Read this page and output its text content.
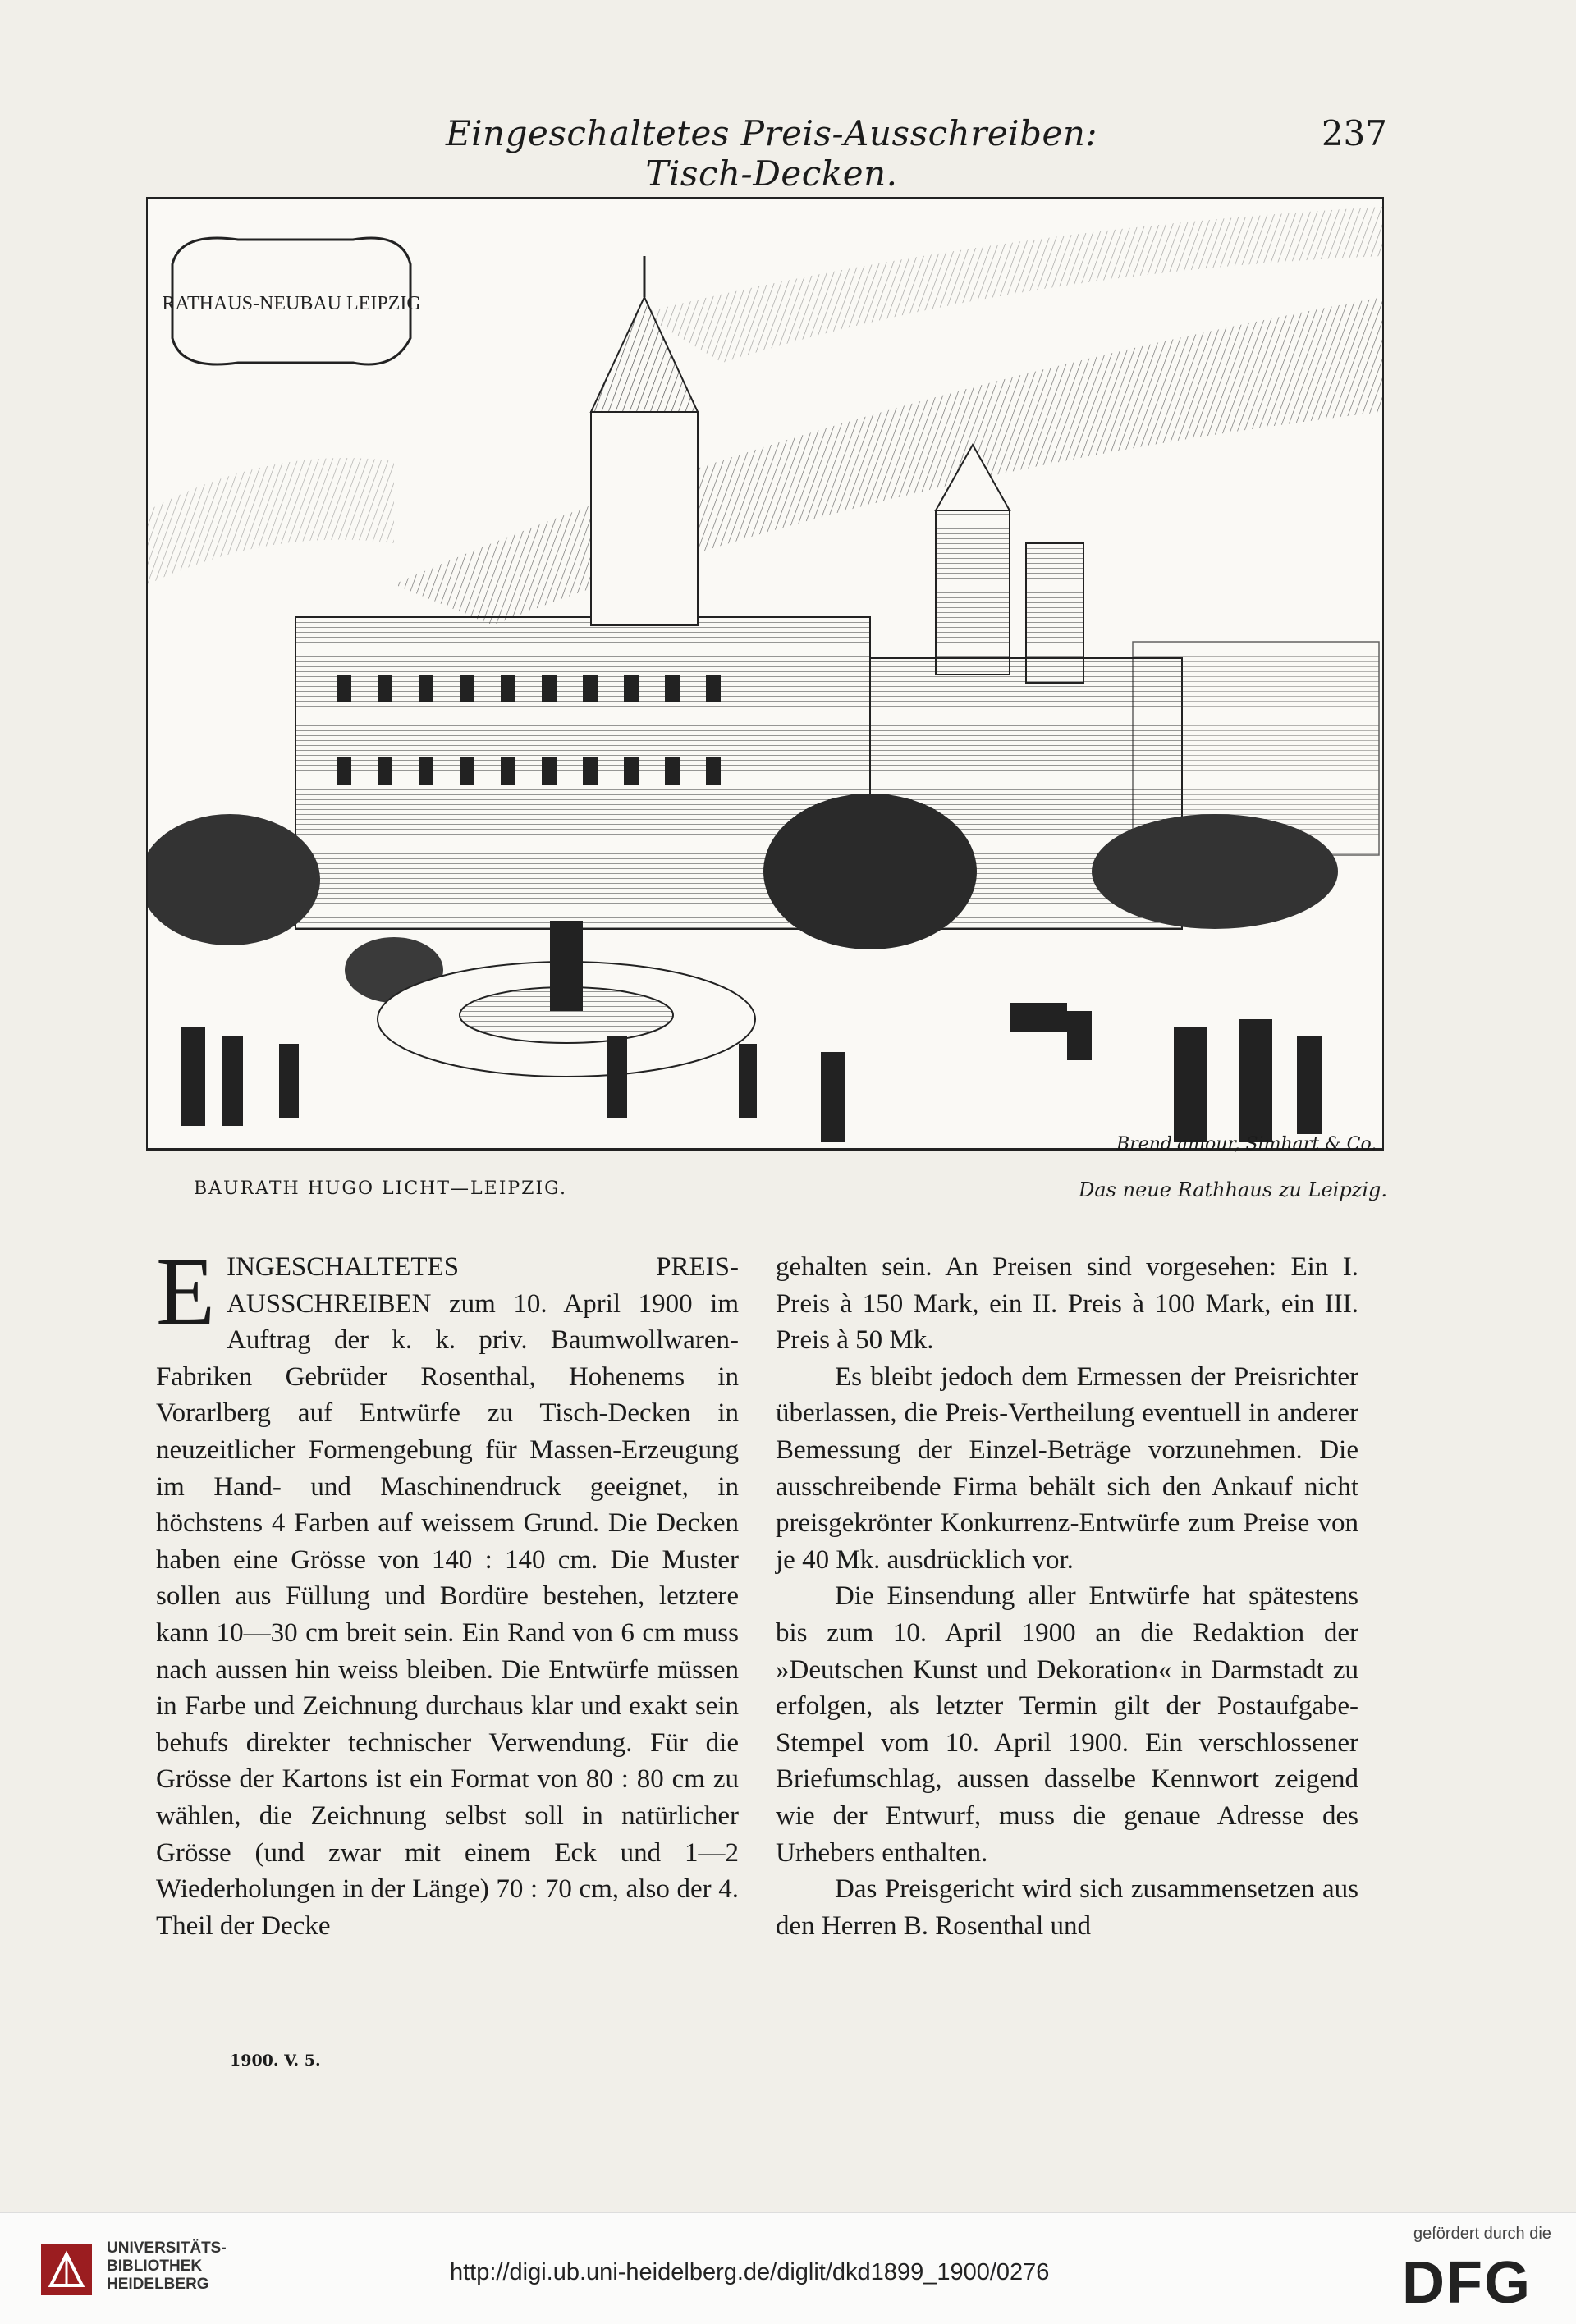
Eingeschaltetes Preis-Ausschreiben: Tisch-Decken.
237
RATHAUS-NEUBAU LEIPZIG
Brend'amour, Simhart & Co.
BAURATH HUGO LICHT—LEIPZIG.	Das neue Rathhaus zu Leipzig.

EINGESCHALTETES PREIS-AUSSCHREIBEN zum 10. April 1900 im Auftrag der k. k. priv. Baumwollwaren-Fabriken Gebrüder Rosenthal, Hohenems in Vorarlberg auf Entwürfe zu Tisch-Decken in neuzeitlicher Formengebung für Massen-Erzeugung im Hand- und Maschinendruck geeignet, in höchstens 4 Farben auf weissem Grund. Die Decken haben eine Grösse von 140 : 140 cm. Die Muster sollen aus Füllung und Bordüre bestehen, letztere kann 10—30 cm breit sein. Ein Rand von 6 cm muss nach aussen hin weiss bleiben. Die Entwürfe müssen in Farbe und Zeichnung durchaus klar und exakt sein behufs direkter technischer Verwendung. Für die Grösse der Kartons ist ein Format von 80 : 80 cm zu wählen, die Zeichnung selbst soll in natürlicher Grösse (und zwar mit einem Eck und 1—2 Wiederholungen in der Länge) 70 : 70 cm, also der 4. Theil der Decke

gehalten sein. An Preisen sind vorgesehen: Ein I. Preis à 150 Mark, ein II. Preis à 100 Mark, ein III. Preis à 50 Mk.

Es bleibt jedoch dem Ermessen der Preisrichter überlassen, die Preis-Vertheilung eventuell in anderer Bemessung der Einzel-Beträge vorzunehmen. Die ausschreibende Firma behält sich den Ankauf nicht preisgekrönter Konkurrenz-Entwürfe zum Preise von je 40 Mk. ausdrücklich vor.

Die Einsendung aller Entwürfe hat spätestens bis zum 10. April 1900 an die Redaktion der »Deutschen Kunst und Dekoration« in Darmstadt zu erfolgen, als letzter Termin gilt der Postaufgabe-Stempel vom 10. April 1900. Ein verschlossener Briefumschlag, aussen dasselbe Kennwort zeigend wie der Entwurf, muss die genaue Adresse des Urhebers enthalten.

Das Preisgericht wird sich zusammensetzen aus den Herren B. Rosenthal und

1900. V. 5.
UNIVERSITÄTS-
BIBLIOTHEK
HEIDELBERG	http://digi.ub.uni-heidelberg.de/diglit/dkd1899_1900/0276
gefördert durch die
DFG
